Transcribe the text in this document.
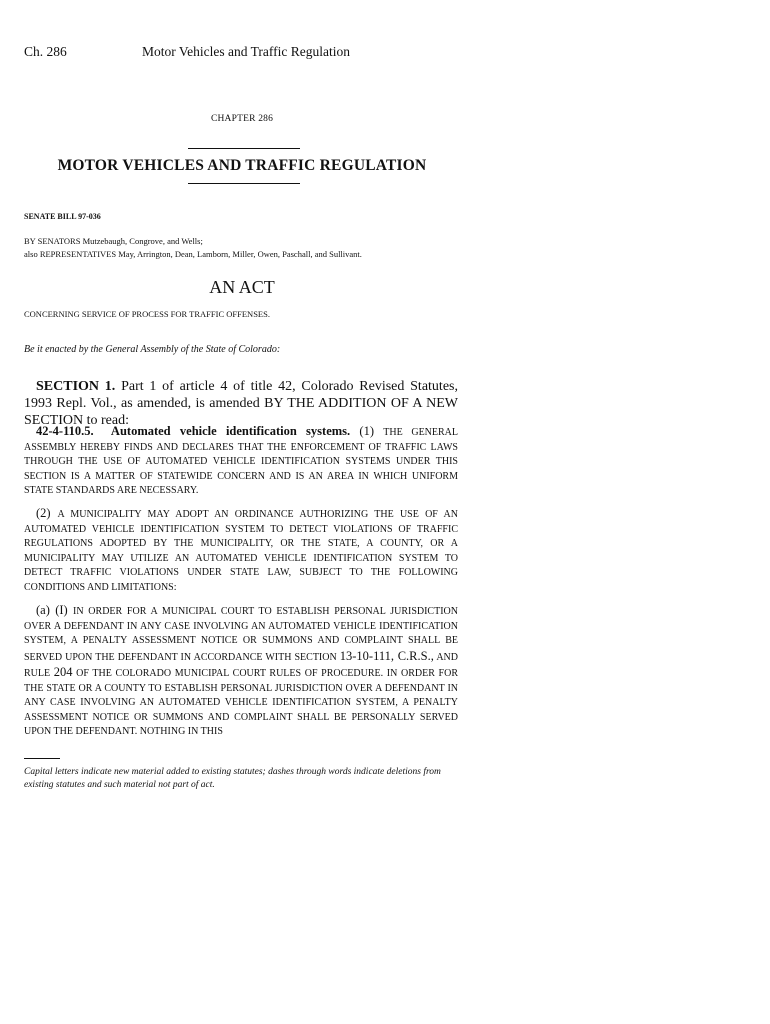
Ch. 286	Motor Vehicles and Traffic Regulation
CHAPTER 286
MOTOR VEHICLES AND TRAFFIC REGULATION
SENATE BILL 97-036
BY SENATORS Mutzebaugh, Congrove, and Wells;
also REPRESENTATIVES May, Arrington, Dean, Lamborn, Miller, Owen, Paschall, and Sullivant.
AN ACT
CONCERNING SERVICE OF PROCESS FOR TRAFFIC OFFENSES.
Be it enacted by the General Assembly of the State of Colorado:
SECTION 1. Part 1 of article 4 of title 42, Colorado Revised Statutes, 1993 Repl. Vol., as amended, is amended BY THE ADDITION OF A NEW SECTION to read:
42-4-110.5. Automated vehicle identification systems. (1) THE GENERAL ASSEMBLY HEREBY FINDS AND DECLARES THAT THE ENFORCEMENT OF TRAFFIC LAWS THROUGH THE USE OF AUTOMATED VEHICLE IDENTIFICATION SYSTEMS UNDER THIS SECTION IS A MATTER OF STATEWIDE CONCERN AND IS AN AREA IN WHICH UNIFORM STATE STANDARDS ARE NECESSARY.
(2) A MUNICIPALITY MAY ADOPT AN ORDINANCE AUTHORIZING THE USE OF AN AUTOMATED VEHICLE IDENTIFICATION SYSTEM TO DETECT VIOLATIONS OF TRAFFIC REGULATIONS ADOPTED BY THE MUNICIPALITY, OR THE STATE, A COUNTY, OR A MUNICIPALITY MAY UTILIZE AN AUTOMATED VEHICLE IDENTIFICATION SYSTEM TO DETECT TRAFFIC VIOLATIONS UNDER STATE LAW, SUBJECT TO THE FOLLOWING CONDITIONS AND LIMITATIONS:
(a) (I) IN ORDER FOR A MUNICIPAL COURT TO ESTABLISH PERSONAL JURISDICTION OVER A DEFENDANT IN ANY CASE INVOLVING AN AUTOMATED VEHICLE IDENTIFICATION SYSTEM, A PENALTY ASSESSMENT NOTICE OR SUMMONS AND COMPLAINT SHALL BE SERVED UPON THE DEFENDANT IN ACCORDANCE WITH SECTION 13-10-111, C.R.S., AND RULE 204 OF THE COLORADO MUNICIPAL COURT RULES OF PROCEDURE. IN ORDER FOR THE STATE OR A COUNTY TO ESTABLISH PERSONAL JURISDICTION OVER A DEFENDANT IN ANY CASE INVOLVING AN AUTOMATED VEHICLE IDENTIFICATION SYSTEM, A PENALTY ASSESSMENT NOTICE OR SUMMONS AND COMPLAINT SHALL BE PERSONALLY SERVED UPON THE DEFENDANT. NOTHING IN THIS
Capital letters indicate new material added to existing statutes; dashes through words indicate deletions from existing statutes and such material not part of act.
